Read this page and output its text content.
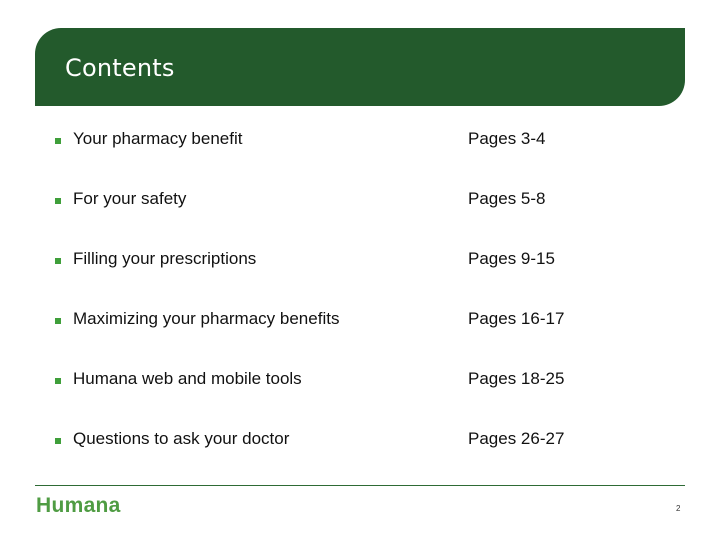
Contents
Your pharmacy benefit	Pages 3-4
For your safety	Pages 5-8
Filling your prescriptions	Pages 9-15
Maximizing your pharmacy benefits	Pages 16-17
Humana web and mobile tools	Pages 18-25
Questions to ask your doctor	Pages 26-27
Humana	2
